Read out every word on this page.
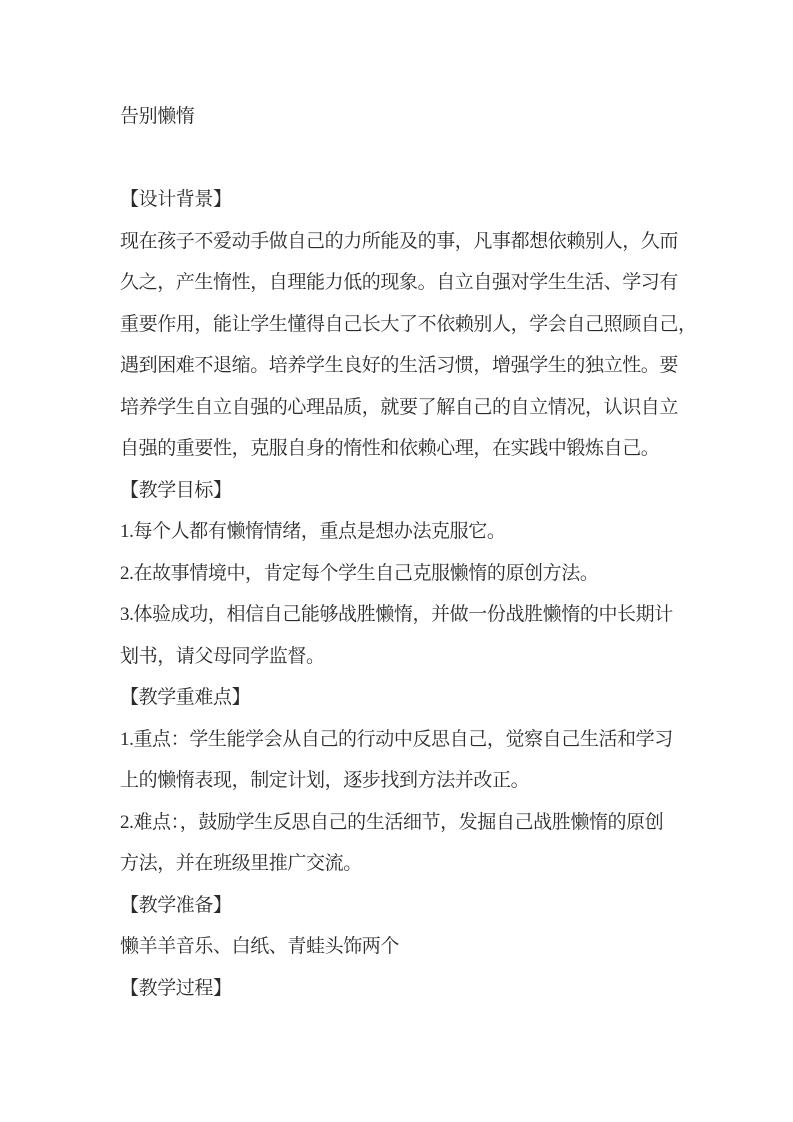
告别懒惰
【设计背景】
现在孩子不爱动手做自己的力所能及的事，凡事都想依赖别人，久而
久之，产生惰性，自理能力低的现象。自立自强对学生生活、学习有
重要作用，能让学生懂得自己长大了不依赖别人，学会自己照顾自己，
遇到困难不退缩。培养学生良好的生活习惯，增强学生的独立性。要
培养学生自立自强的心理品质，就要了解自己的自立情况，认识自立
自强的重要性，克服自身的惰性和依赖心理，在实践中锻炼自己。
【教学目标】
1.每个人都有懒惰情绪，重点是想办法克服它。
2.在故事情境中，肯定每个学生自己克服懒惰的原创方法。
3.体验成功，相信自己能够战胜懒惰，并做一份战胜懒惰的中长期计
划书，请父母同学监督。
【教学重难点】
1.重点：学生能学会从自己的行动中反思自己，觉察自己生活和学习
上的懒惰表现，制定计划，逐步找到方法并改正。
2.难点：，鼓励学生反思自己的生活细节，发掘自己战胜懒惰的原创
方法，并在班级里推广交流。
【教学准备】
懒羊羊音乐、白纸、青蛙头饰两个
【教学过程】
